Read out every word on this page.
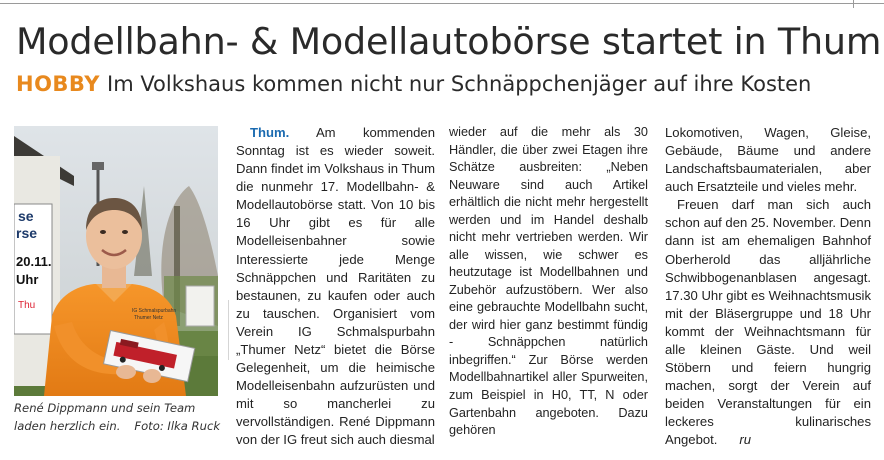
Modellbahn- & Modellautobörse startet in Thum
HOBBY Im Volkshaus kommen nicht nur Schnäppchenjäger auf ihre Kosten
se
rse
20.11.
Uhr
Thu	IG Schmalspurbahn
Thumer Netz
René Dippmann und sein Team laden herzlich ein. Foto: Ilka Ruck
Thum. Am kommenden Sonntag ist es wieder soweit. Dann findet im Volkshaus in Thum die nunmehr 17. Modellbahn- & Modellautobörse statt. Von 10 bis 16 Uhr gibt es für alle Modelleisenbahner sowie Interessierte jede Menge Schnäppchen und Raritäten zu bestaunen, zu kaufen oder auch zu tauschen. Organisiert vom Verein IG Schmalspurbahn „Thumer Netz“ bietet die Börse Gelegenheit, um die heimische Modelleisenbahn aufzurüsten und mit so mancherlei zu vervollständigen. René Dippmann von der IG freut sich auch diesmal
wieder auf die mehr als 30 Händler, die über zwei Etagen ihre Schätze ausbreiten: „Neben Neuware sind auch Artikel erhältlich die nicht mehr hergestellt werden und im Handel deshalb nicht mehr vertrieben werden. Wir alle wissen, wie schwer es heutzutage ist Modellbahnen und Zubehör aufzustöbern. Wer also eine gebrauchte Modellbahn sucht, der wird hier ganz bestimmt fündig - Schnäppchen natürlich inbegriffen.“ Zur Börse werden Modellbahnartikel aller Spurweiten, zum Beispiel in H0, TT, N oder Gartenbahn angeboten. Dazu gehören

Lokomotiven, Wagen, Gleise, Gebäude, Bäume und andere Landschaftsbaumaterialen, aber auch Ersatzteile und vieles mehr.

Freuen darf man sich auch schon auf den 25. November. Denn dann ist am ehemaligen Bahnhof Oberherold das alljährliche Schwibbogenanblasen angesagt. 17.30 Uhr gibt es Weihnachtsmusik mit der Bläsergruppe und 18 Uhr kommt der Weihnachtsmann für alle kleinen Gäste. Und weil Stöbern und feiern hungrig machen, sorgt der Verein auf beiden Veranstaltungen für ein leckeres kulinarisches Angebot. ru
